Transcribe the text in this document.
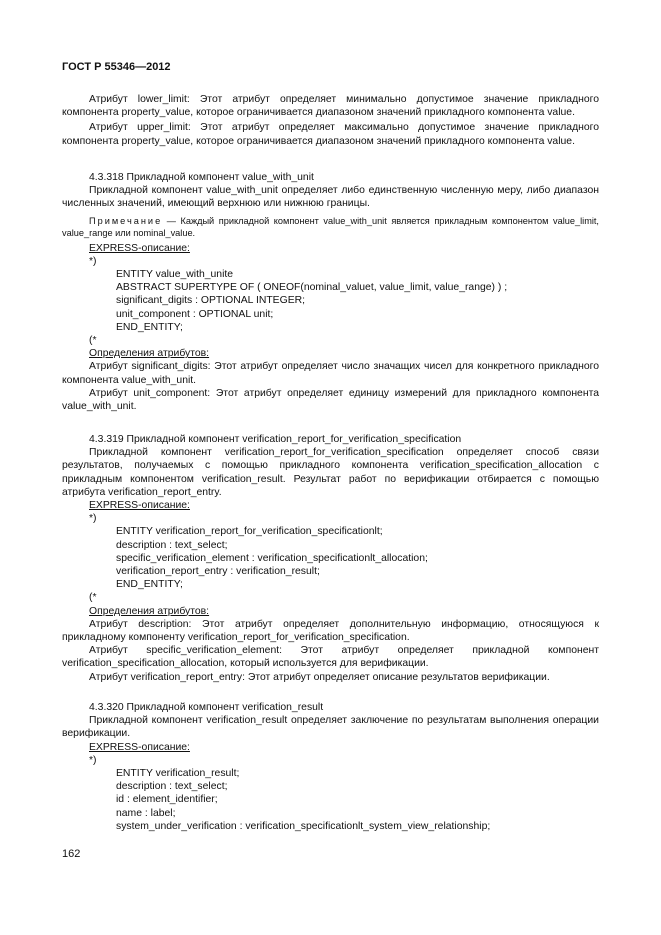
ГОСТ Р 55346—2012

Атрибут lower_limit: Этот атрибут определяет минимально допустимое значение прикладного компонента property_value, которое ограничивается диапазоном значений прикладного компонента value.

Атрибут upper_limit: Этот атрибут определяет максимально допустимое значение прикладного компонента property_value, которое ограничивается диапазоном значений прикладного компонента value.

4.3.318 Прикладной компонент value_with_unit

Прикладной компонент value_with_unit определяет либо единственную численную меру, либо диапазон численных значений, имеющий верхнюю или нижнюю границы.

Примечание — Каждый прикладной компонент value_with_unit является прикладным компонентом value_limit, value_range или nominal_value.

EXPRESS-описание:

*)

ENTITY value_with_unite

ABSTRACT SUPERTYPE OF ( ONEOF(nominal_valuet, value_limit, value_range) ) ;

significant_digits : OPTIONAL INTEGER;

unit_component : OPTIONAL unit;

END_ENTITY;

(*

Определения атрибутов:

Атрибут significant_digits: Этот атрибут определяет число значащих чисел для конкретного прикладного компонента value_with_unit.

Атрибут unit_component: Этот атрибут определяет единицу измерений для прикладного компонента value_with_unit.

4.3.319 Прикладной компонент verification_report_for_verification_specification

Прикладной компонент verification_report_for_verification_specification определяет способ связи результатов, получаемых с помощью прикладного компонента verification_specification_allocation с прикладным компонентом verification_result. Результат работ по верификации отбирается с помощью атрибута verification_report_entry.

EXPRESS-описание:

*)

ENTITY verification_report_for_verification_specificationlt;

description : text_select;

specific_verification_element : verification_specificationlt_allocation;

verification_report_entry : verification_result;

END_ENTITY;

(*

Определения атрибутов:

Атрибут description: Этот атрибут определяет дополнительную информацию, относящуюся к прикладному компоненту verification_report_for_verification_specification.

Атрибут specific_verification_element: Этот атрибут определяет прикладной компонент verification_specification_allocation, который используется для верификации.

Атрибут verification_report_entry: Этот атрибут определяет описание результатов верификации.

4.3.320 Прикладной компонент verification_result

Прикладной компонент verification_result определяет заключение по результатам выполнения операции верификации.

EXPRESS-описание:

*)

ENTITY verification_result;

description : text_select;

id : element_identifier;

name : label;

system_under_verification : verification_specificationlt_system_view_relationship;

162
